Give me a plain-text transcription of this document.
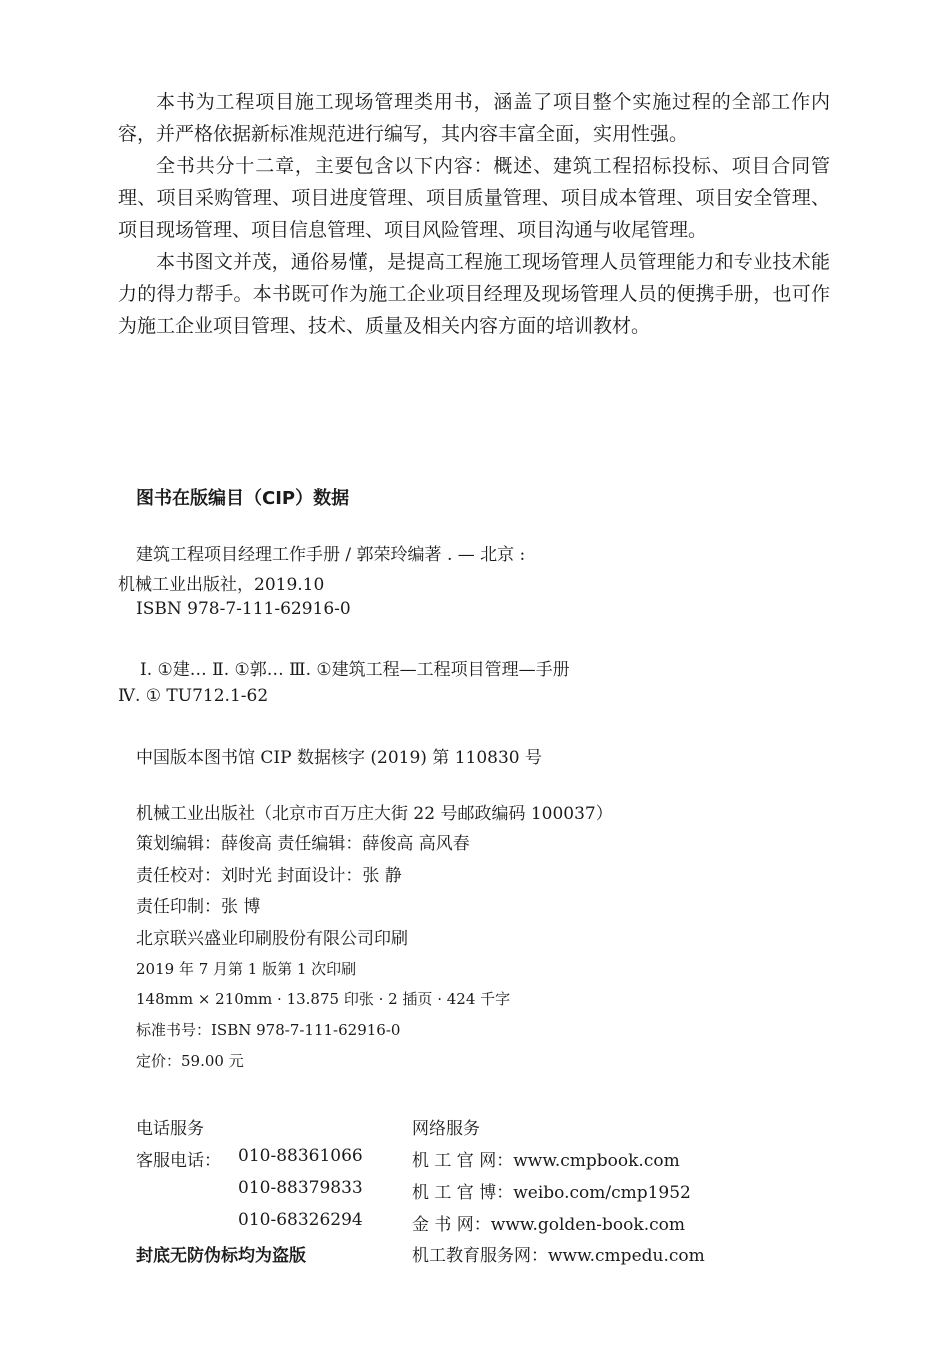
本书为工程项目施工现场管理类用书，涵盖了项目整个实施过程的全部工作内容，并严格依据新标准规范进行编写，其内容丰富全面，实用性强。

全书共分十二章，主要包含以下内容：概述、建筑工程招标投标、项目合同管理、项目采购管理、项目进度管理、项目质量管理、项目成本管理、项目安全管理、项目现场管理、项目信息管理、项目风险管理、项目沟通与收尾管理。

本书图文并茂，通俗易懂，是提高工程施工现场管理人员管理能力和专业技术能力的得力帮手。本书既可作为施工企业项目经理及现场管理人员的便携手册，也可作为施工企业项目管理、技术、质量及相关内容方面的培训教材。

图书在版编目（CIP）数据
建筑工程项目经理工作手册 / 郭荣玲编著 . — 北京 :
机械工业出版社，2019.10
ISBN 978-7-111-62916-0
Ⅰ. ①建… Ⅱ. ①郭… Ⅲ. ①建筑工程—工程项目管理—手册
Ⅳ. ① TU712.1-62
中国版本图书馆 CIP 数据核字 (2019) 第 110830 号
机械工业出版社（北京市百万庄大街 22 号邮政编码 100037）
策划编辑：薛俊高 责任编辑：薛俊高 高风春
责任校对：刘时光 封面设计：张 静
责任印制：张 博
北京联兴盛业印刷股份有限公司印刷
2019 年 7 月第 1 版第 1 次印刷
148mm × 210mm · 13.875 印张 · 2 插页 · 424 千字
标准书号：ISBN 978-7-111-62916-0
定价：59.00 元
电话服务	网络服务
客服电话： 010-88361066
010-88379833
010-68326294
机 工 官 网：www.cmpbook.com
机 工 官 博：weibo.com/cmp1952
金 书 网：www.golden-book.com
机工教育服务网：www.cmpedu.com
封底无防伪标均为盗版
